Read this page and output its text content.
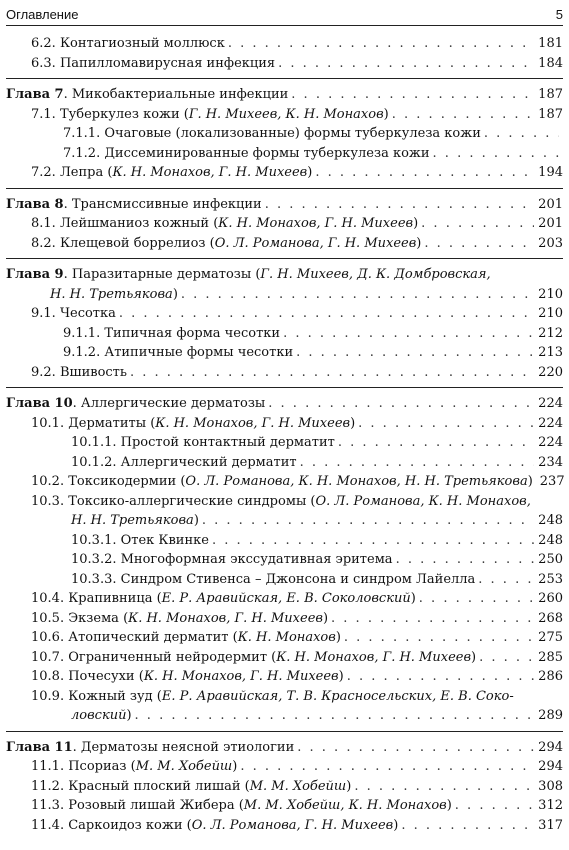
Оглавление	5
6.2. Контагиозный моллюск . . .	181
6.3. Папилломавирусная инфекция . . .	184
Глава 7. Микобактериальные инфекции . . .	187
7.1. Туберкулез кожи (Г. Н. Михеев, К. Н. Монахов) . . .	187
7.1.1. Очаговые (локализованные) формы туберкулеза кожи
. . .
7.1.2. Диссеминированные формы туберкулеза кожи
. . .
7.2. Лепра (К. Н. Монахов, Г. Н. Михеев) . . .	194
Глава 8. Трансмиссивные инфекции . . .	201
8.1. Лейшманиоз кожный (К. Н. Монахов, Г. Н. Михеев) . . .	201
8.2. Клещевой боррелиоз (О. Л. Романова, Г. Н. Михеев) . . .	203
Глава 9. Паразитарные дерматозы (Г. Н. Михеев, Д. К. Домбровская,
Н. Н. Третьякова) . . .	210
9.1. Чесотка . . .	210
9.1.1. Типичная форма чесотки . . .	212
9.1.2. Атипичные формы чесотки . . .	213
9.2. Вшивость . . .	220
Глава 10. Аллергические дерматозы . . .	224
10.1. Дерматиты (К. Н. Монахов, Г. Н. Михеев) . . .	224
10.1.1. Простой контактный дерматит . . .	224
10.1.2. Аллергический дерматит . . .	234
10.2. Токсикодермии (О. Л. Романова, К. Н. Монахов, Н. Н. Третьякова) 237
10.3. Токсико-аллергические синдромы (О. Л. Романова, К. Н. Монахов,
Н. Н. Третьякова) . . .	248
10.3.1. Отек Квинке . . .	248
10.3.2. Многоформная экссудативная эритема . . .	250
10.3.3. Синдром Стивенса – Джонсона и синдром Лайелла . . .	253
10.4. Крапивница (Е. Р. Аравийская, Е. В. Соколовский) . . .	260
10.5. Экзема (К. Н. Монахов, Г. Н. Михеев) . . .	268
10.6. Атопический дерматит (К. Н. Монахов) . . .	275
10.7. Ограниченный нейродермит (К. Н. Монахов, Г. Н. Михеев) . . .	285
10.8. Почесухи (К. Н. Монахов, Г. Н. Михеев) . . .	286
10.9. Кожный зуд (Е. Р. Аравийская, Т. В. Красносельских, Е. В. Соко-
ловский) . . .	289
Глава 11. Дерматозы неясной этиологии . . .	294
11.1. Псориаз (М. М. Хобейш) . . .	294
11.2. Красный плоский лишай (М. М. Хобейш) . . .	308
11.3. Розовый лишай Жибера (М. М. Хобейш, К. Н. Монахов) . . .	312
11.4. Саркоидоз кожи (О. Л. Романова, Г. Н. Михеев) . . .	317
